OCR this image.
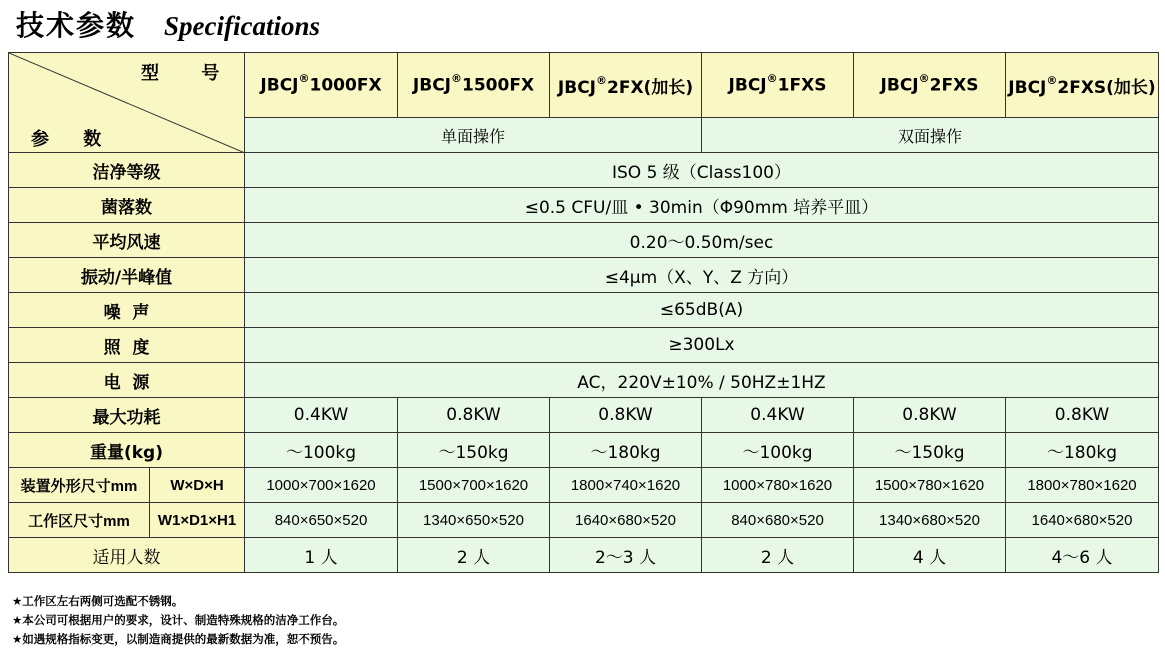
技术参数 Specifications
型 号
参 数		JBCJ®1000FX	JBCJ®1500FX	JBCJ®2FX(加长)	JBCJ®1FXS	JBCJ®2FXS	JBCJ®2FXS(加长)
		单面操作			双面操作		
洁净等级		ISO 5 级（Class100）					
菌落数		≤0.5 CFU/皿 • 30min（Φ90mm 培养平皿）					
平均风速		0.20～0.50m/sec					
振动/半峰值		≤4μm（X、Y、Z 方向）					
噪  声		≤65dB(A)					
照  度		≥300Lx					
电  源		AC，220V±10% / 50HZ±1HZ					
最大功耗		0.4KW	0.8KW	0.8KW	0.4KW	0.8KW	0.8KW
重量(kg)		～100kg	～150kg	～180kg	～100kg	～150kg	～180kg
装置外形尺寸mm	W×D×H	1000×700×1620	1500×700×1620	1800×740×1620	1000×780×1620	1500×780×1620	1800×780×1620
工作区尺寸mm	W1×D1×H1	840×650×520	1340×650×520	1640×680×520	840×680×520	1340×680×520	1640×680×520
适用人数		1 人	2 人	2～3 人	2 人	4 人	4～6 人
★工作区左右两侧可选配不锈钢。
★本公司可根据用户的要求，设计、制造特殊规格的洁净工作台。
★如遇规格指标变更，以制造商提供的最新数据为准，恕不预告。
